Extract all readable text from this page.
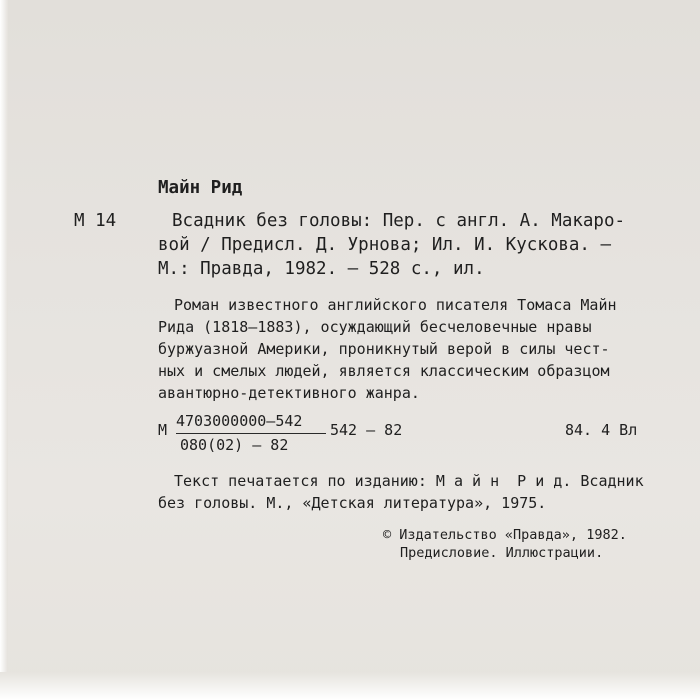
Майн Рид
М 14	Всадник без головы: Пер. с англ. А. Макаро-
вой / Предисл. Д. Урнова; Ил. И. Кускова. —
М.: Правда, 1982. — 528 с., ил.
Роман известного английского писателя Томаса Майн
Рида (1818—1883), осуждающий бесчеловечные нравы
буржуазной Америки, проникнутый верой в силы чест-
ных и смелых людей, является классическим образцом
авантюрно-детективного жанра.
М 4703000000—542
080(02) — 82
542 — 82	84. 4 Вл
Текст печатается по изданию: М а й н  Р и д. Всадник
без головы. М., «Детская литература», 1975.
© Издательство «Правда», 1982.
Предисловие. Иллюстрации.
